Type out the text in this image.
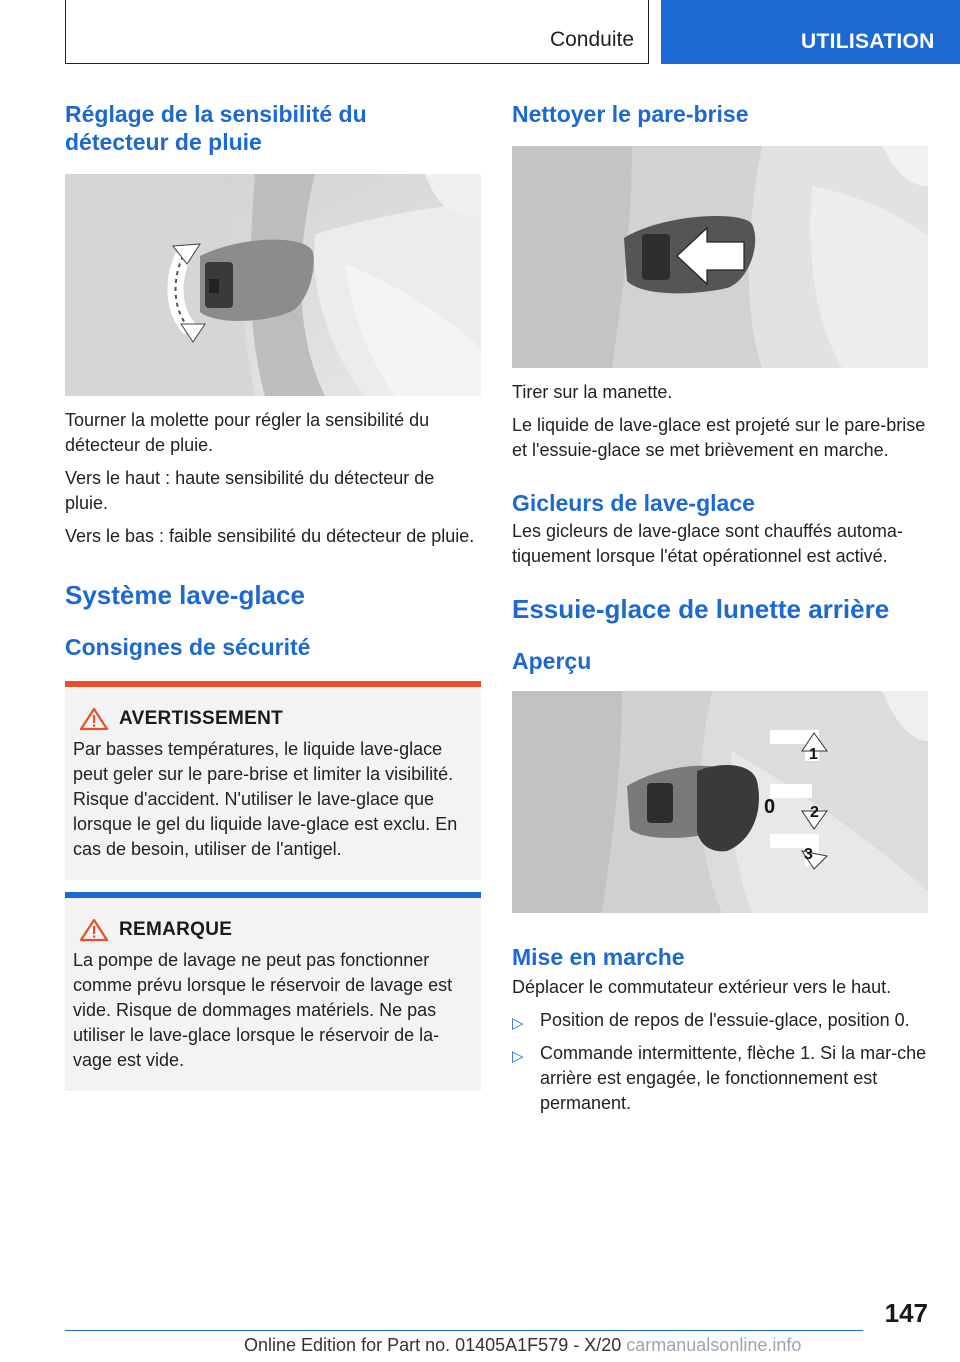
Conduite	UTILISATION
Réglage de la sensibilité du détecteur de pluie

Tourner la molette pour régler la sensibilité du détecteur de pluie.

Vers le haut : haute sensibilité du détecteur de pluie.

Vers le bas : faible sensibilité du détecteur de pluie.

Système lave-glace
Consignes de sécurité
AVERTISSEMENT
Par basses températures, le liquide lave-glace peut geler sur le pare-brise et limiter la visibilité. Risque d'accident. N'utiliser le lave-glace que lorsque le gel du liquide lave-glace est exclu. En cas de besoin, utiliser de l'antigel.
REMARQUE
La pompe de lavage ne peut pas fonctionner comme prévu lorsque le réservoir de lavage est vide. Risque de dommages matériels. Ne pas utiliser le lave-glace lorsque le réservoir de la-vage est vide.
Nettoyer le pare-brise

Tirer sur la manette.

Le liquide de lave-glace est projeté sur le pare-brise et l'essuie-glace se met brièvement en marche.

Gicleurs de lave-glace

Les gicleurs de lave-glace sont chauffés automa-tiquement lorsque l'état opérationnel est activé.

Essuie-glace de lunette arrière
Aperçu
1
0 2
3
Mise en marche

Déplacer le commutateur extérieur vers le haut.

▷ Position de repos de l'essuie-glace, position 0.
▷ Commande intermittente, flèche 1. Si la mar-che arrière est engagée, le fonctionnement est permanent.
147
Online Edition for Part no. 01405A1F579 - X/20 carmanualsonline.info
